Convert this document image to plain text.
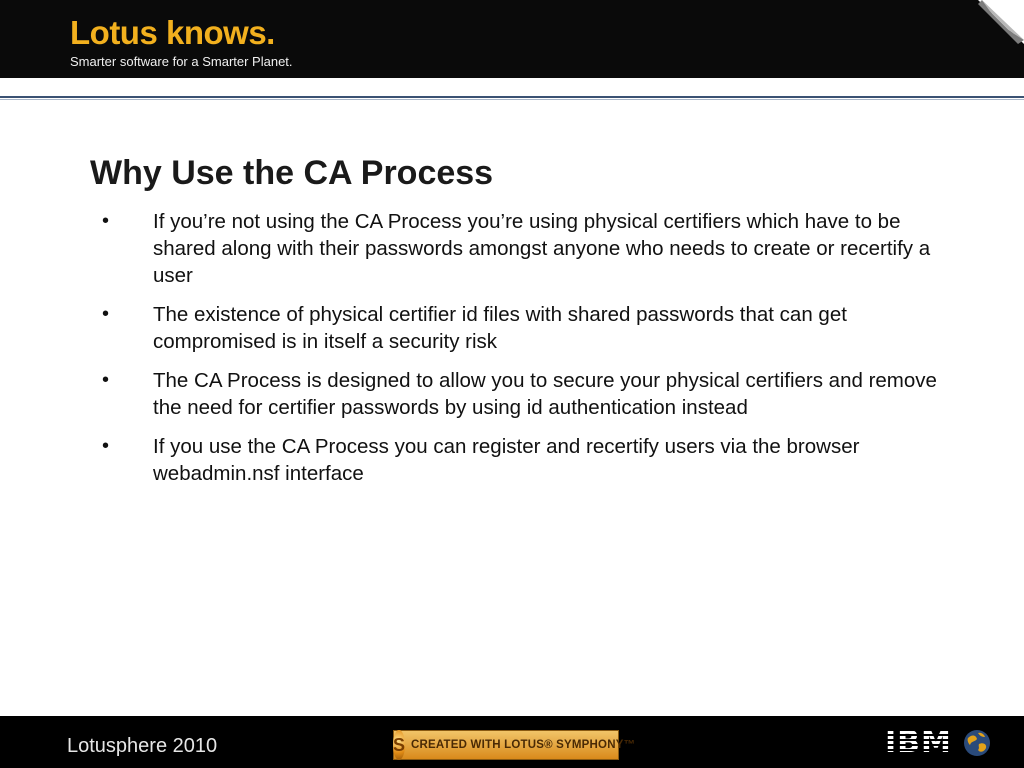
Lotus knows.
Smarter software for a Smarter Planet.
Why Use the CA Process
• If you’re not using the CA Process you’re using physical certifiers which have to be shared along with their passwords amongst anyone who needs to create or recertify a user
• The existence of physical certifier id files with shared passwords that can get compromised is in itself a security risk
• The CA Process is designed to allow you to secure your physical certifiers and remove the need for certifier passwords by using id authentication instead
• If you use the CA Process you can register and recertify users via the browser webadmin.nsf interface
Lotusphere 2010	S CREATED WITH LOTUS® SYMPHONY™	IBM
